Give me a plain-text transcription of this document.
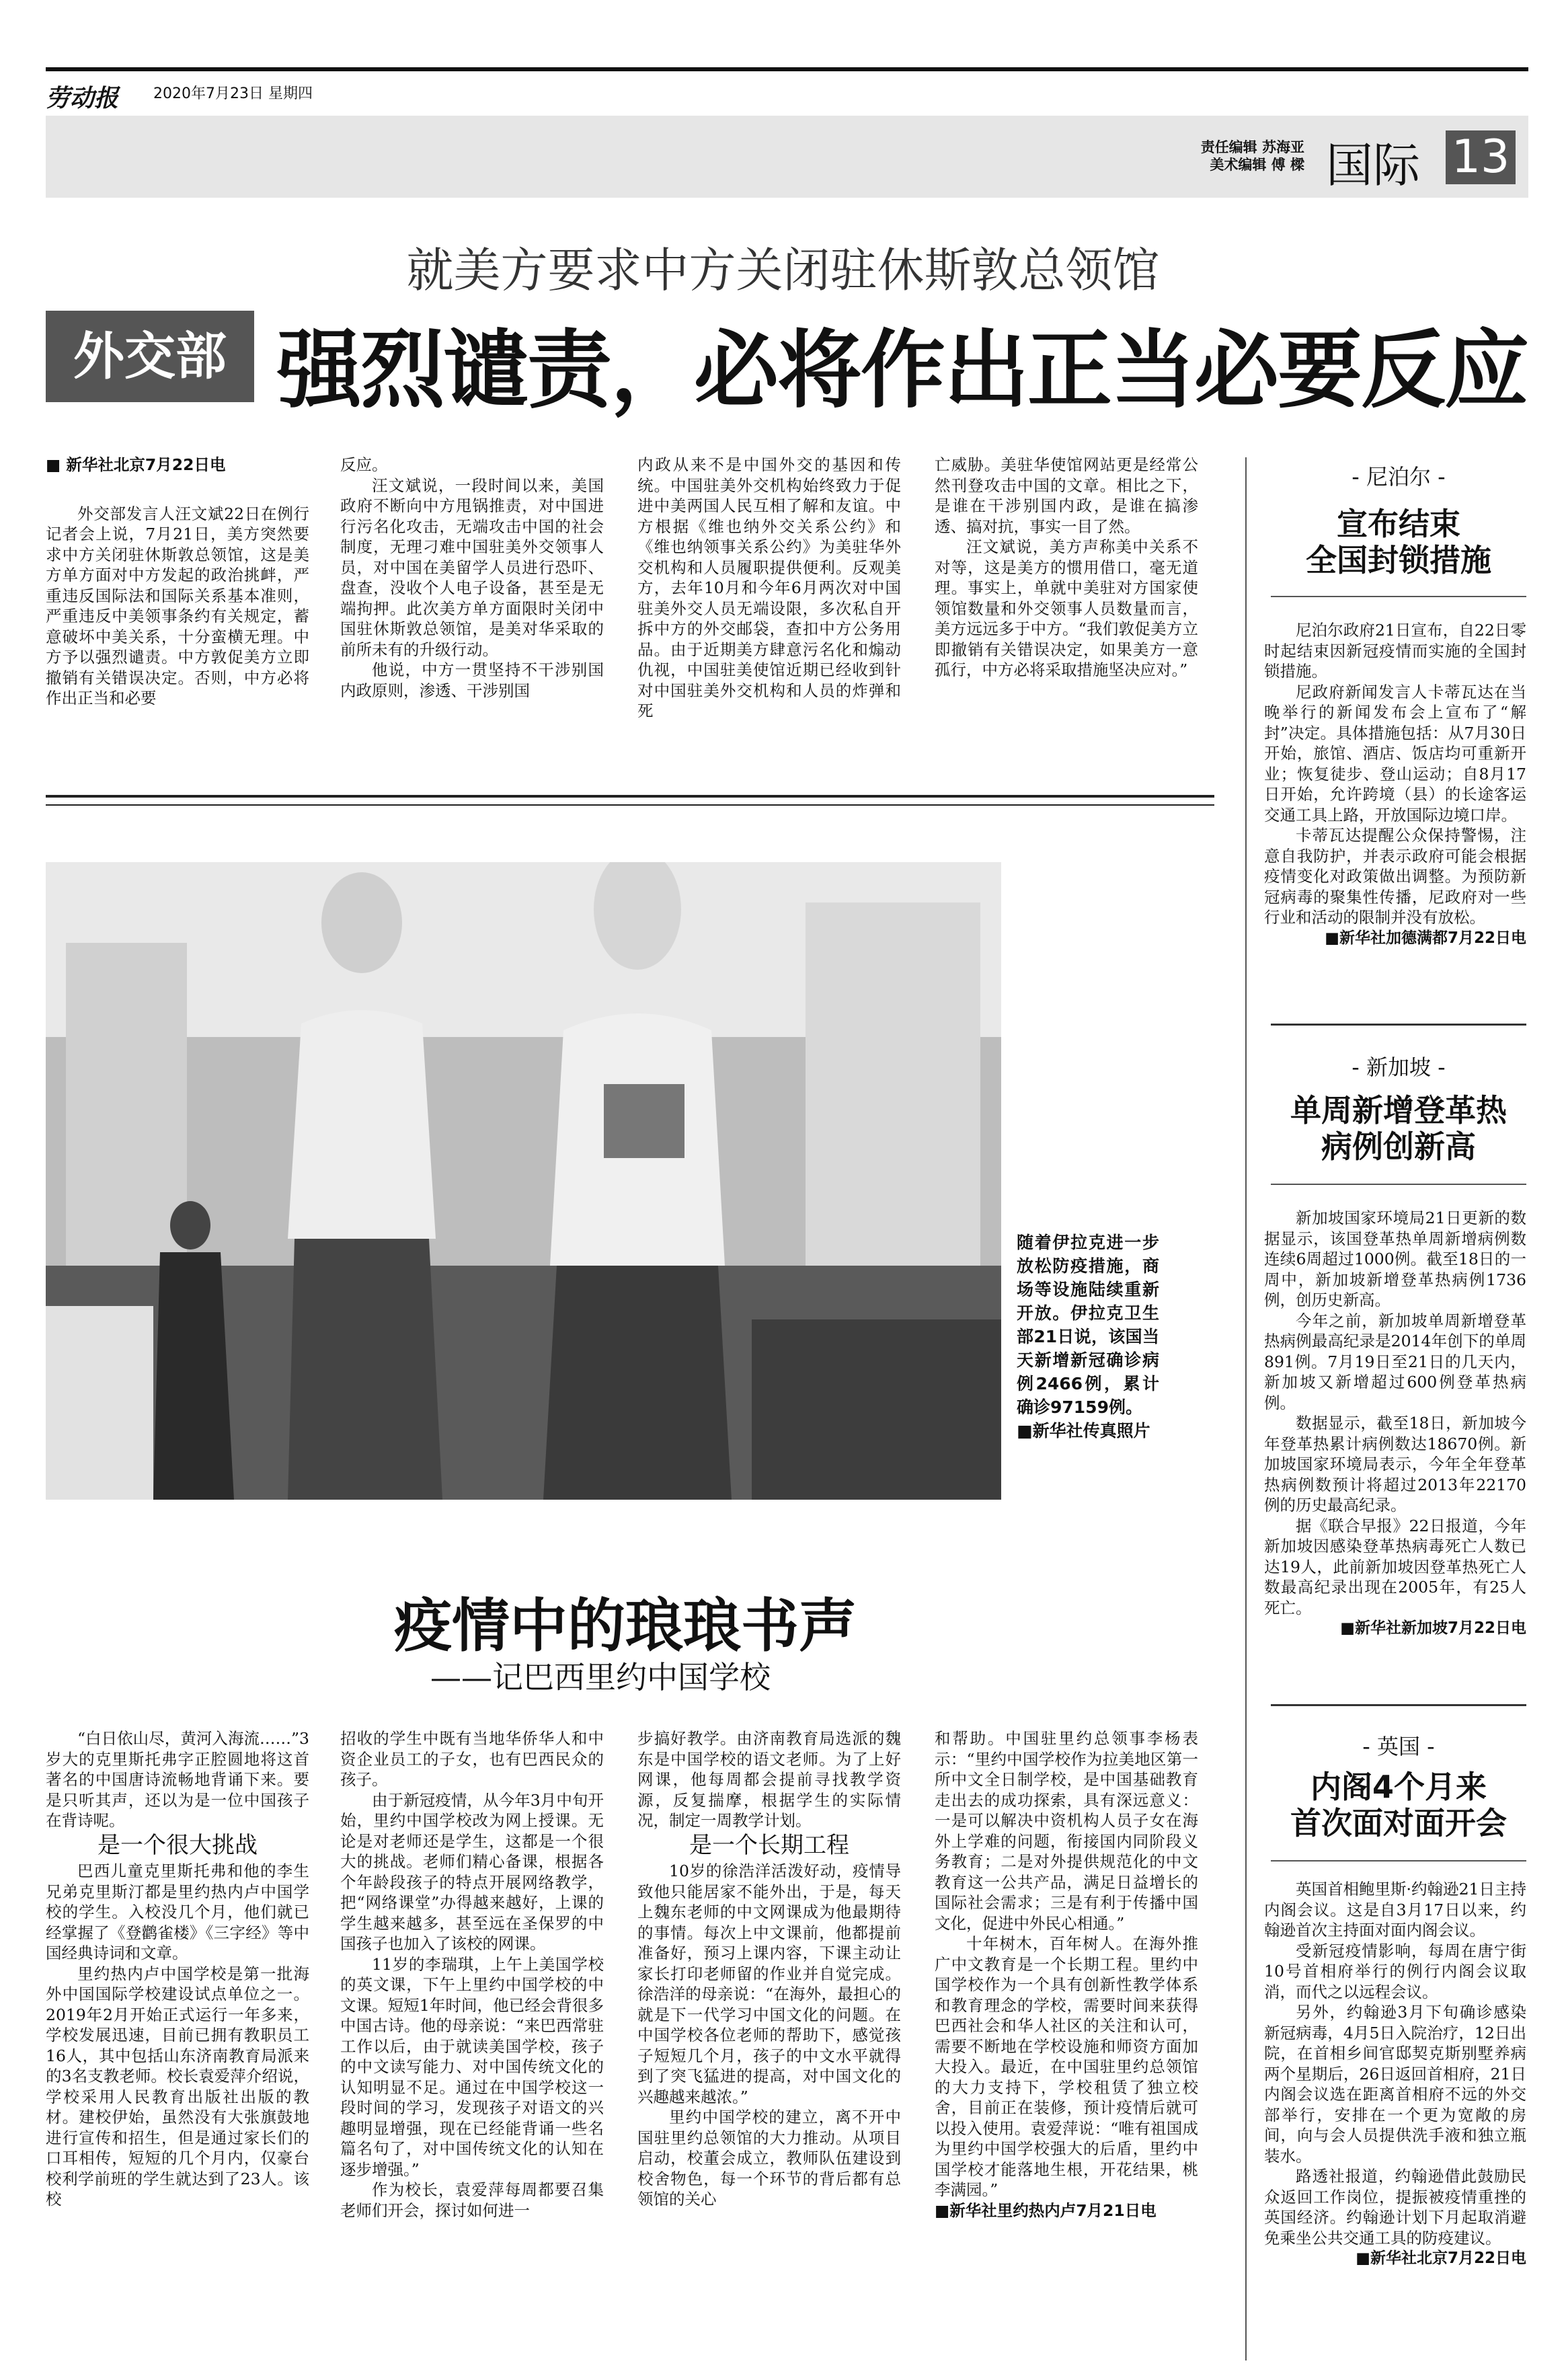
劳动报	2020年7月23日 星期四
责任编辑 苏海亚
美术编辑 傅 樑 国际 13
就美方要求中方关闭驻休斯敦总领馆
外交部 强烈谴责，必将作出正当必要反应

■ 新华社北京7月22日电

外交部发言人汪文斌22日在例行记者会上说，7月21日，美方突然要求中方关闭驻休斯敦总领馆，这是美方单方面对中方发起的政治挑衅，严重违反国际法和国际关系基本准则，严重违反中美领事条约有关规定，蓄意破坏中美关系，十分蛮横无理。中方予以强烈谴责。中方敦促美方立即撤销有关错误决定。否则，中方必将作出正当和必要

反应。

汪文斌说，一段时间以来，美国政府不断向中方甩锅推责，对中国进行污名化攻击，无端攻击中国的社会制度，无理刁难中国驻美外交领事人员，对中国在美留学人员进行恐吓、盘查，没收个人电子设备，甚至是无端拘押。此次美方单方面限时关闭中国驻休斯敦总领馆，是美对华采取的前所未有的升级行动。

他说，中方一贯坚持不干涉别国内政原则，渗透、干涉别国

内政从来不是中国外交的基因和传统。中国驻美外交机构始终致力于促进中美两国人民互相了解和友谊。中方根据《维也纳外交关系公约》和《维也纳领事关系公约》为美驻华外交机构和人员履职提供便利。反观美方，去年10月和今年6月两次对中国驻美外交人员无端设限，多次私自开拆中方的外交邮袋，查扣中方公务用品。由于近期美方肆意污名化和煽动仇视，中国驻美使馆近期已经收到针对中国驻美外交机构和人员的炸弹和死

亡威胁。美驻华使馆网站更是经常公然刊登攻击中国的文章。相比之下，是谁在干涉别国内政，是谁在搞渗透、搞对抗，事实一目了然。

汪文斌说，美方声称美中关系不对等，这是美方的惯用借口，毫无道理。事实上，单就中美驻对方国家使领馆数量和外交领事人员数量而言，美方远远多于中方。“我们敦促美方立即撤销有关错误决定，如果美方一意孤行，中方必将采取措施坚决应对。”

随着伊拉克进一步放松防疫措施，商场等设施陆续重新开放。伊拉克卫生部21日说，该国当天新增新冠确诊病例2466例，累计确诊97159例。
■新华社传真照片
疫情中的琅琅书声
——记巴西里约中国学校

“白日依山尽，黄河入海流……”3岁大的克里斯托弗字正腔圆地将这首著名的中国唐诗流畅地背诵下来。要是只听其声，还以为是一位中国孩子在背诗呢。

是一个很大挑战

巴西儿童克里斯托弗和他的李生兄弟克里斯汀都是里约热内卢中国学校的学生。入校没几个月，他们就已经掌握了《登鹳雀楼》《三字经》等中国经典诗词和文章。

里约热内卢中国学校是第一批海外中国国际学校建设试点单位之一。2019年2月开始正式运行一年多来，学校发展迅速，目前已拥有教职员工16人，其中包括山东济南教育局派来的3名支教老师。校长袁爱萍介绍说，学校采用人民教育出版社出版的教材。建校伊始，虽然没有大张旗鼓地进行宣传和招生，但是通过家长们的口耳相传，短短的几个月内，仅豪台校利学前班的学生就达到了23人。该校

招收的学生中既有当地华侨华人和中资企业员工的子女，也有巴西民众的孩子。

由于新冠疫情，从今年3月中旬开始，里约中国学校改为网上授课。无论是对老师还是学生，这都是一个很大的挑战。老师们精心备课，根据各个年龄段孩子的特点开展网络教学，把“网络课堂”办得越来越好，上课的学生越来越多，甚至远在圣保罗的中国孩子也加入了该校的网课。

11岁的李瑞琪，上午上美国学校的英文课，下午上里约中国学校的中文课。短短1年时间，他已经会背很多中国古诗。他的母亲说：“来巴西常驻工作以后，由于就读美国学校，孩子的中文读写能力、对中国传统文化的认知明显不足。通过在中国学校这一段时间的学习，发现孩子对语文的兴趣明显增强，现在已经能背诵一些名篇名句了，对中国传统文化的认知在逐步增强。”

作为校长，袁爱萍每周都要召集老师们开会，探讨如何进一

步搞好教学。由济南教育局选派的魏东是中国学校的语文老师。为了上好网课，他每周都会提前寻找教学资源，反复揣摩，根据学生的实际情况，制定一周教学计划。

是一个长期工程

10岁的徐浩洋活泼好动，疫情导致他只能居家不能外出，于是，每天上魏东老师的中文网课成为他最期待的事情。每次上中文课前，他都提前准备好，预习上课内容，下课主动让家长打印老师留的作业并自觉完成。徐浩洋的母亲说：“在海外，最担心的就是下一代学习中国文化的问题。在中国学校各位老师的帮助下，感觉孩子短短几个月，孩子的中文水平就得到了突飞猛进的提高，对中国文化的兴趣越来越浓。”

里约中国学校的建立，离不开中国驻里约总领馆的大力推动。从项目启动，校董会成立，教师队伍建设到校舍物色，每一个环节的背后都有总领馆的关心

和帮助。中国驻里约总领事李杨表示：“里约中国学校作为拉美地区第一所中文全日制学校，是中国基础教育走出去的成功探索，具有深远意义：一是可以解决中资机构人员子女在海外上学难的问题，衔接国内同阶段义务教育；二是对外提供规范化的中文教育这一公共产品，满足日益增长的国际社会需求；三是有利于传播中国文化，促进中外民心相通。”

十年树木，百年树人。在海外推广中文教育是一个长期工程。里约中国学校作为一个具有创新性教学体系和教育理念的学校，需要时间来获得巴西社会和华人社区的关注和认可，需要不断地在学校设施和师资方面加大投入。最近，在中国驻里约总领馆的大力支持下，学校租赁了独立校舍，目前正在装修，预计疫情后就可以投入使用。袁爱萍说：“唯有祖国成为里约中国学校强大的后盾，里约中国学校才能落地生根，开花结果，桃李满园。”

■新华社里约热内卢7月21日电

- 尼泊尔 -
宣布结束
全国封锁措施

尼泊尔政府21日宣布，自22日零时起结束因新冠疫情而实施的全国封锁措施。

尼政府新闻发言人卡蒂瓦达在当晚举行的新闻发布会上宣布了“解封”决定。具体措施包括：从7月30日开始，旅馆、酒店、饭店均可重新开业；恢复徒步、登山运动；自8月17日开始，允许跨境（县）的长途客运交通工具上路，开放国际边境口岸。

卡蒂瓦达提醒公众保持警惕，注意自我防护，并表示政府可能会根据疫情变化对政策做出调整。为预防新冠病毒的聚集性传播，尼政府对一些行业和活动的限制并没有放松。

■新华社加德满都7月22日电

- 新加坡 -
单周新增登革热
病例创新高

新加坡国家环境局21日更新的数据显示，该国登革热单周新增病例数连续6周超过1000例。截至18日的一周中，新加坡新增登革热病例1736例，创历史新高。

今年之前，新加坡单周新增登革热病例最高纪录是2014年创下的单周891例。7月19日至21日的几天内，新加坡又新增超过600例登革热病例。

数据显示，截至18日，新加坡今年登革热累计病例数达18670例。新加坡国家环境局表示，今年全年登革热病例数预计将超过2013年22170例的历史最高纪录。

据《联合早报》22日报道，今年新加坡因感染登革热病毒死亡人数已达19人，此前新加坡因登革热死亡人数最高纪录出现在2005年，有25人死亡。

■新华社新加坡7月22日电

- 英国 -
内阁4个月来
首次面对面开会

英国首相鲍里斯·约翰逊21日主持内阁会议。这是自3月17日以来，约翰逊首次主持面对面内阁会议。

受新冠疫情影响，每周在唐宁街10号首相府举行的例行内阁会议取消，而代之以远程会议。

另外，约翰逊3月下旬确诊感染新冠病毒，4月5日入院治疗，12日出院，在首相乡间官邸契克斯别墅养病两个星期后，26日返回首相府，21日内阁会议选在距离首相府不远的外交部举行，安排在一个更为宽敞的房间，向与会人员提供洗手液和独立瓶装水。

路透社报道，约翰逊借此鼓励民众返回工作岗位，提振被疫情重挫的英国经济。约翰逊计划下月起取消避免乘坐公共交通工具的防疫建议。

■新华社北京7月22日电
